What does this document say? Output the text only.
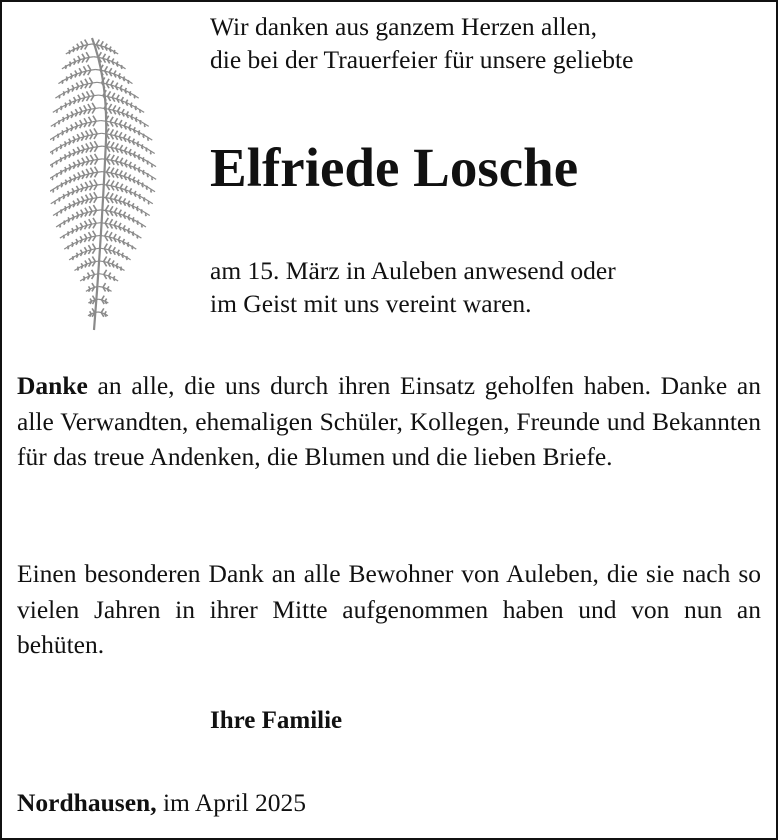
Wir danken aus ganzem Herzen allen,
die bei der Trauerfeier für unsere geliebte
Elfriede Losche
am 15. März in Auleben anwesend oder
im Geist mit uns vereint waren.
Danke an alle, die uns durch ihren Einsatz geholfen haben. Danke an alle Verwandten, ehemaligen Schüler, Kollegen, Freunde und Bekannten für das treue Andenken, die Blumen und die lieben Briefe.
Einen besonderen Dank an alle Bewohner von Auleben, die sie nach so vielen Jahren in ihrer Mitte aufgenommen haben und von nun an behüten.
Ihre Familie
Nordhausen, im April 2025
